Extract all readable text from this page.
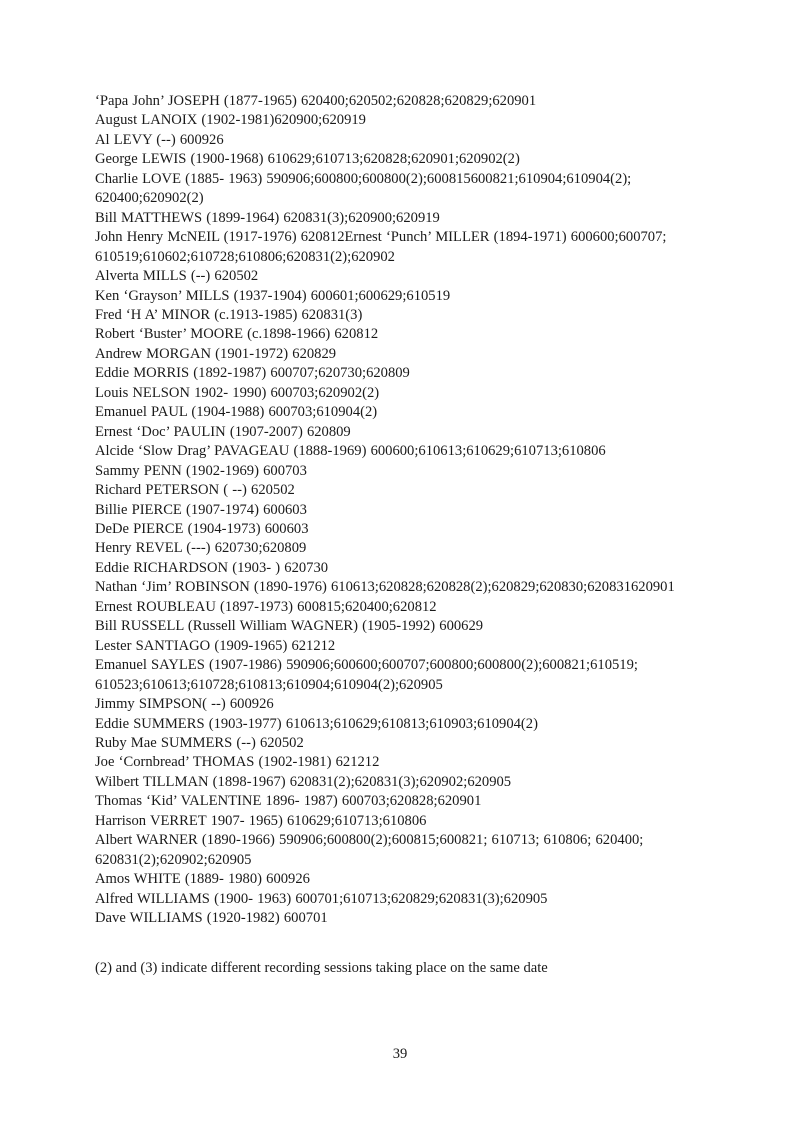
‘Papa John’ JOSEPH (1877-1965) 620400;620502;620828;620829;620901

August LANOIX (1902-1981)620900;620919

Al LEVY (--) 600926

George LEWIS (1900-1968) 610629;610713;620828;620901;620902(2)

Charlie LOVE (1885- 1963) 590906;600800;600800(2);600815600821;610904;610904(2); 620400;620902(2)

Bill MATTHEWS (1899-1964) 620831(3);620900;620919

John Henry McNEIL (1917-1976) 620812Ernest ‘Punch’ MILLER (1894-1971) 600600;600707; 610519;610602;610728;610806;620831(2);620902

Alverta MILLS (--) 620502

Ken ‘Grayson’ MILLS (1937-1904) 600601;600629;610519

Fred ‘H A’ MINOR (c.1913-1985) 620831(3)

Robert ‘Buster’ MOORE (c.1898-1966) 620812

Andrew MORGAN (1901-1972) 620829

Eddie MORRIS (1892-1987) 600707;620730;620809

Louis NELSON 1902- 1990) 600703;620902(2)

Emanuel PAUL (1904-1988) 600703;610904(2)

Ernest ‘Doc’ PAULIN (1907-2007) 620809

Alcide ‘Slow Drag’ PAVAGEAU (1888-1969) 600600;610613;610629;610713;610806

Sammy PENN (1902-1969) 600703

Richard PETERSON ( --) 620502

Billie PIERCE (1907-1974) 600603

DeDe PIERCE (1904-1973) 600603

Henry REVEL (---) 620730;620809

Eddie RICHARDSON (1903- ) 620730

Nathan ‘Jim’ ROBINSON (1890-1976) 610613;620828;620828(2);620829;620830;620831620901

Ernest ROUBLEAU (1897-1973) 600815;620400;620812

Bill RUSSELL (Russell William WAGNER) (1905-1992) 600629

Lester SANTIAGO (1909-1965) 621212

Emanuel SAYLES (1907-1986) 590906;600600;600707;600800;600800(2);600821;610519; 610523;610613;610728;610813;610904;610904(2);620905

Jimmy SIMPSON( --) 600926

Eddie SUMMERS (1903-1977) 610613;610629;610813;610903;610904(2)

Ruby Mae SUMMERS (--) 620502

Joe ‘Cornbread’ THOMAS (1902-1981) 621212

Wilbert TILLMAN (1898-1967) 620831(2);620831(3);620902;620905

Thomas ‘Kid’ VALENTINE 1896- 1987) 600703;620828;620901

Harrison VERRET 1907- 1965) 610629;610713;610806

Albert WARNER (1890-1966) 590906;600800(2);600815;600821; 610713; 610806; 620400; 620831(2);620902;620905

Amos WHITE (1889- 1980) 600926

Alfred WILLIAMS (1900- 1963) 600701;610713;620829;620831(3);620905

Dave WILLIAMS (1920-1982) 600701

(2) and (3) indicate different recording sessions taking place on the same date

39
